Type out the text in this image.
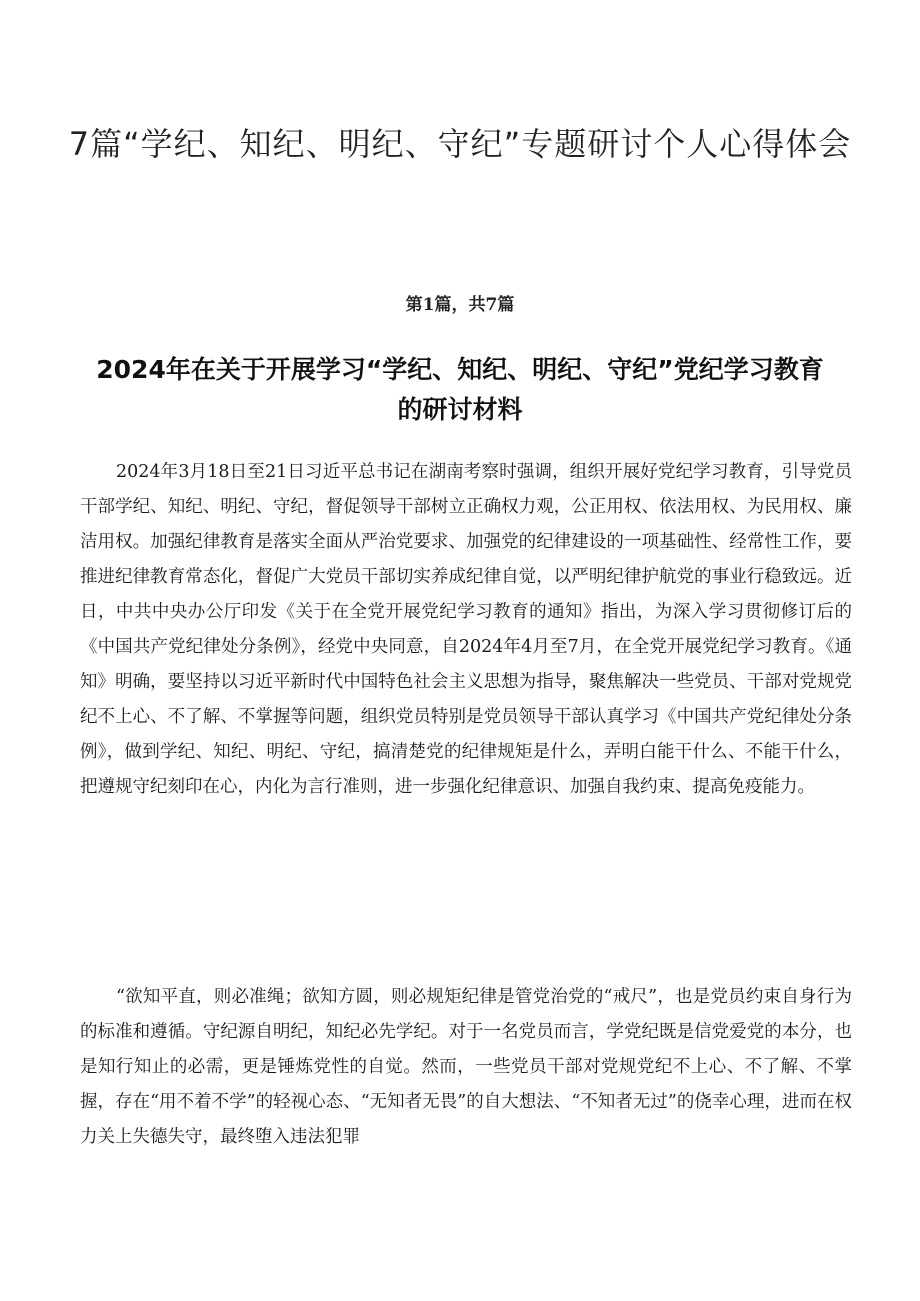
7篇“学纪、知纪、明纪、守纪”专题研讨个人心得体会
第1篇，共7篇
2024年在关于开展学习“学纪、知纪、明纪、守纪”党纪学习教育的研讨材料

2024年3月18日至21日习近平总书记在湖南考察时强调，组织开展好党纪学习教育，引导党员干部学纪、知纪、明纪、守纪，督促领导干部树立正确权力观，公正用权、依法用权、为民用权、廉洁用权。加强纪律教育是落实全面从严治党要求、加强党的纪律建设的一项基础性、经常性工作，要推进纪律教育常态化，督促广大党员干部切实养成纪律自觉，以严明纪律护航党的事业行稳致远。近日，中共中央办公厅印发《关于在全党开展党纪学习教育的通知》指出，为深入学习贯彻修订后的《中国共产党纪律处分条例》，经党中央同意，自2024年4月至7月，在全党开展党纪学习教育。《通知》明确，要坚持以习近平新时代中国特色社会主义思想为指导，聚焦解决一些党员、干部对党规党纪不上心、不了解、不掌握等问题，组织党员特别是党员领导干部认真学习《中国共产党纪律处分条例》，做到学纪、知纪、明纪、守纪，搞清楚党的纪律规矩是什么，弄明白能干什么、不能干什么，把遵规守纪刻印在心，内化为言行准则，进一步强化纪律意识、加强自我约束、提高免疫能力。

“欲知平直，则必准绳；欲知方圆，则必规矩纪律是管党治党的“戒尺”，也是党员约束自身行为的标准和遵循。守纪源自明纪，知纪必先学纪。对于一名党员而言，学党纪既是信党爱党的本分，也是知行知止的必需，更是锤炼党性的自觉。然而，一些党员干部对党规党纪不上心、不了解、不掌握，存在“用不着不学”的轻视心态、“无知者无畏”的自大想法、“不知者无过”的侥幸心理，进而在权力关上失德失守，最终堕入违法犯罪
